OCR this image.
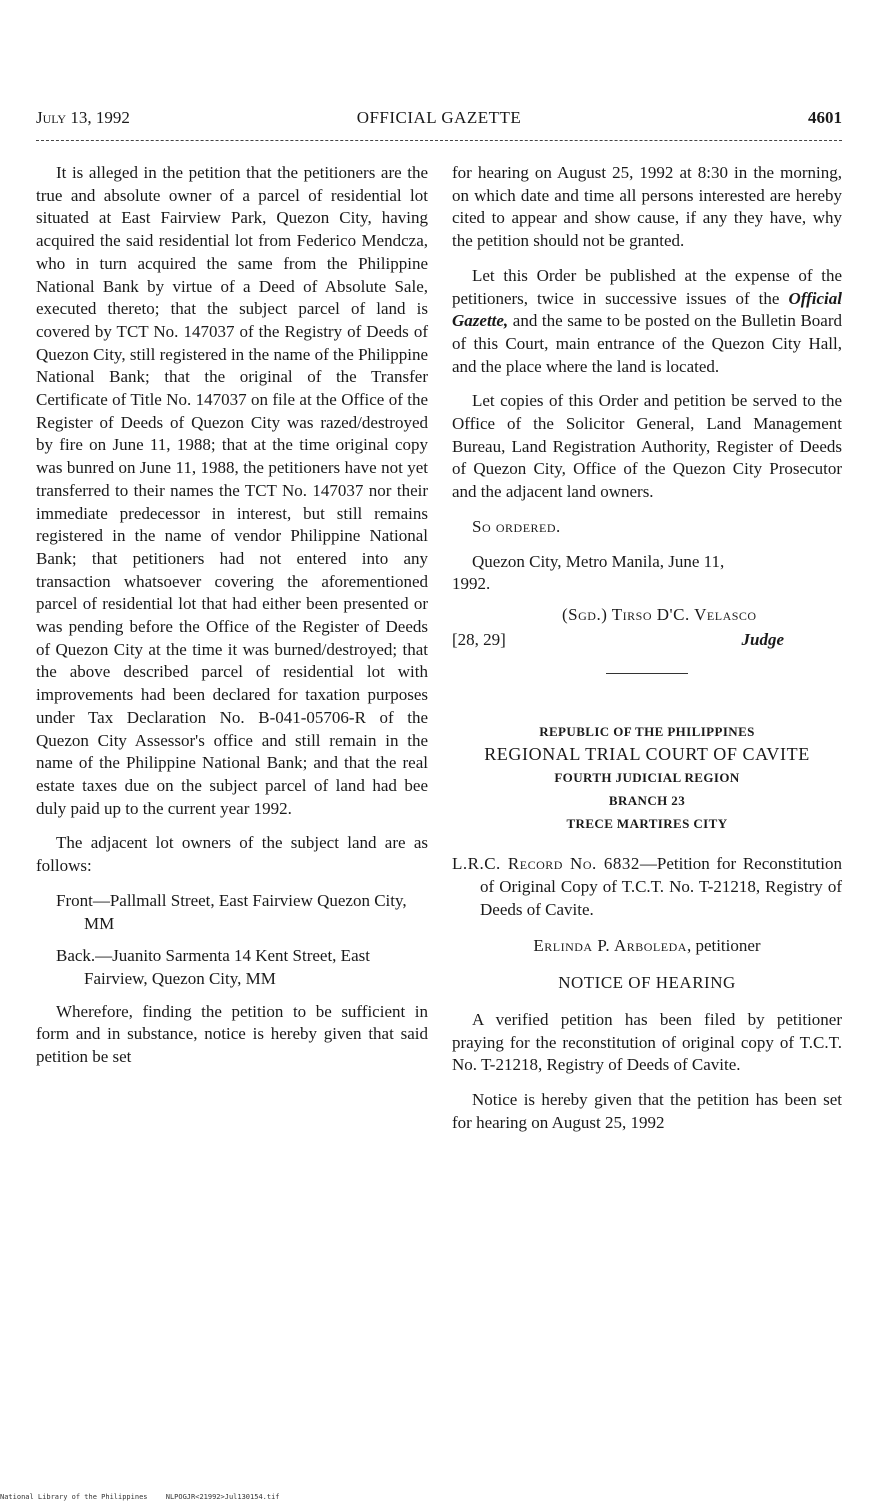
July 13, 1992	OFFICIAL GAZETTE	4601

It is alleged in the petition that the petitioners are the true and absolute owner of a parcel of residential lot situated at East Fairview Park, Quezon City, having acquired the said residential lot from Federico Mendcza, who in turn acquired the same from the Philippine National Bank by virtue of a Deed of Absolute Sale, executed thereto; that the subject parcel of land is covered by TCT No. 147037 of the Registry of Deeds of Quezon City, still registered in the name of the Philippine National Bank; that the original of the Transfer Certificate of Title No. 147037 on file at the Office of the Register of Deeds of Quezon City was razed/destroyed by fire on June 11, 1988; that at the time original copy was bunred on June 11, 1988, the petitioners have not yet transferred to their names the TCT No. 147037 nor their immediate predecessor in interest, but still remains registered in the name of vendor Philippine National Bank; that petitioners had not entered into any transaction whatsoever covering the aforementioned parcel of residential lot that had either been presented or was pending before the Office of the Register of Deeds of Quezon City at the time it was burned/destroyed; that the above described parcel of residential lot with improvements had been declared for taxation purposes under Tax Declaration No. B-041-05706-R of the Quezon City Assessor's office and still remain in the name of the Philippine National Bank; and that the real estate taxes due on the subject parcel of land had bee duly paid up to the current year 1992.

The adjacent lot owners of the subject land are as follows:

Front—Pallmall Street, East Fairview Quezon City, MM

Back.—Juanito Sarmenta 14 Kent Street, East Fairview, Quezon City, MM

Wherefore, finding the petition to be sufficient in form and in substance, notice is hereby given that said petition be set

for hearing on August 25, 1992 at 8:30 in the morning, on which date and time all persons interested are hereby cited to appear and show cause, if any they have, why the petition should not be granted.

Let this Order be published at the expense of the petitioners, twice in successive issues of the Official Gazette, and the same to be posted on the Bulletin Board of this Court, main entrance of the Quezon City Hall, and the place where the land is located.

Let copies of this Order and petition be served to the Office of the Solicitor General, Land Management Bureau, Land Registration Authority, Register of Deeds of Quezon City, Office of the Quezon City Prosecutor and the adjacent land owners.

So ordered.

Quezon City, Metro Manila, June 11,
1992.
(Sgd.) Tirso D'C. Velasco
[28, 29]	Judge
REPUBLIC OF THE PHILIPPINES
REGIONAL TRIAL COURT OF CAVITE
FOURTH JUDICIAL REGION
BRANCH 23
TRECE MARTIRES CITY

L.R.C. Record No. 6832—Petition for Reconstitution of Original Copy of T.C.T. No. T-21218, Registry of Deeds of Cavite.

Erlinda P. Arboleda, petitioner

NOTICE OF HEARING

A verified petition has been filed by petitioner praying for the reconstitution of original copy of T.C.T. No. T-21218, Registry of Deeds of Cavite.

Notice is hereby given that the petition has been set for hearing on August 25, 1992

National Library of the Philippines	NLPOGJR<21992>Jul130154.tif
